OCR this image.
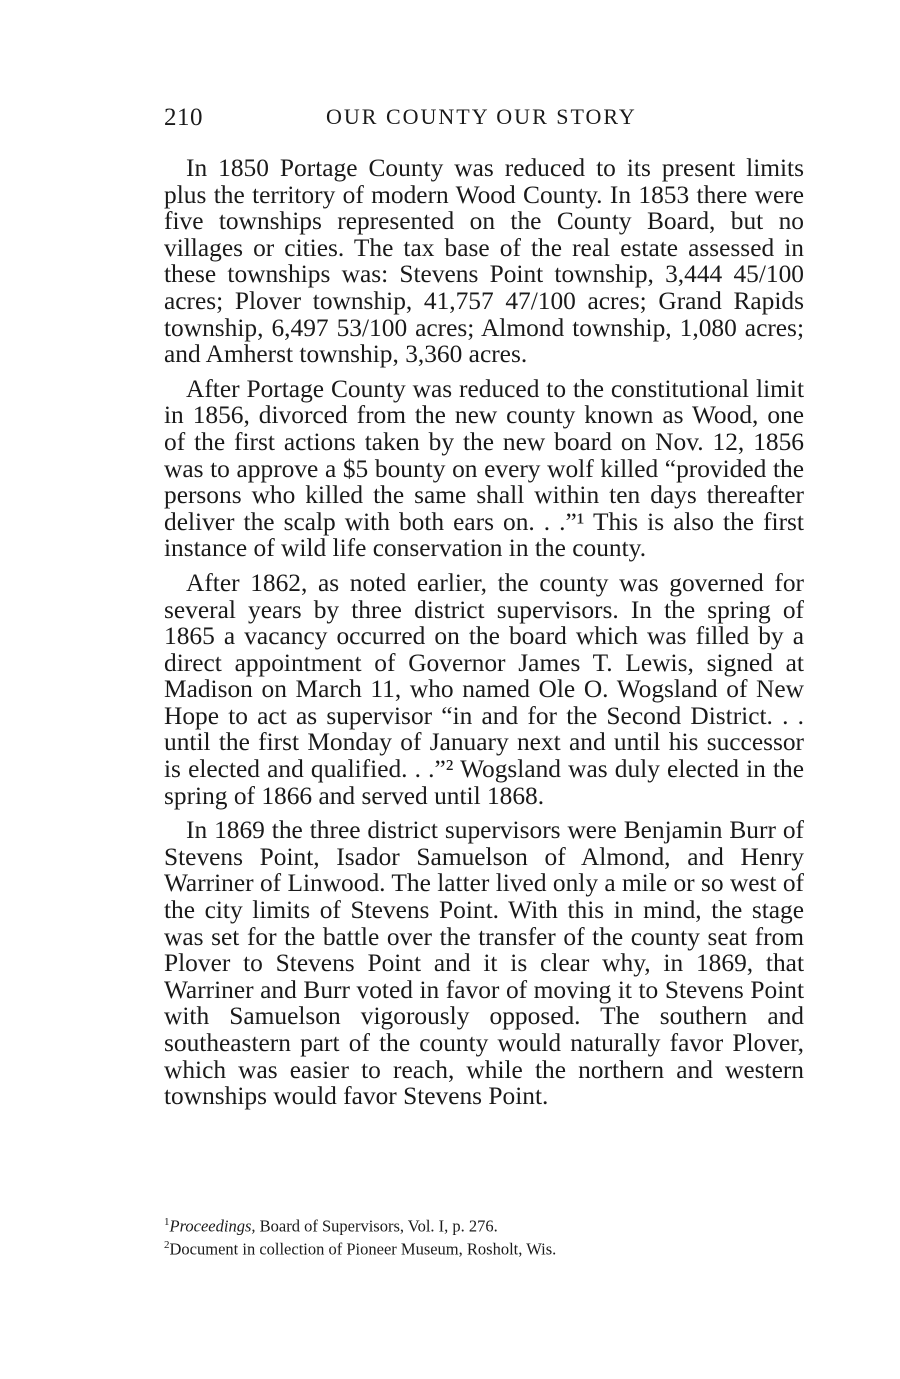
210	OUR COUNTY OUR STORY

In 1850 Portage County was reduced to its present limits plus the territory of modern Wood County. In 1853 there were five townships represented on the County Board, but no villages or cities. The tax base of the real estate assessed in these townships was: Stevens Point township, 3,444 45/100 acres; Plover township, 41,757 47/100 acres; Grand Rapids township, 6,497 53/100 acres; Almond township, 1,080 acres; and Amherst township, 3,360 acres.

After Portage County was reduced to the constitutional limit in 1856, divorced from the new county known as Wood, one of the first actions taken by the new board on Nov. 12, 1856 was to approve a $5 bounty on every wolf killed “provided the persons who killed the same shall within ten days thereafter deliver the scalp with both ears on. . .”¹ This is also the first instance of wild life conservation in the county.

After 1862, as noted earlier, the county was governed for several years by three district supervisors. In the spring of 1865 a vacancy occurred on the board which was filled by a direct appointment of Governor James T. Lewis, signed at Madison on March 11, who named Ole O. Wogsland of New Hope to act as supervisor “in and for the Second District. . . until the first Monday of January next and until his successor is elected and qualified. . .”² Wogsland was duly elected in the spring of 1866 and served until 1868.

In 1869 the three district supervisors were Benjamin Burr of Stevens Point, Isador Samuelson of Almond, and Henry Warriner of Linwood. The latter lived only a mile or so west of the city limits of Stevens Point. With this in mind, the stage was set for the battle over the transfer of the county seat from Plover to Stevens Point and it is clear why, in 1869, that Warriner and Burr voted in favor of moving it to Stevens Point with Samuelson vigorously opposed. The southern and southeastern part of the county would naturally favor Plover, which was easier to reach, while the northern and western townships would favor Stevens Point.

$^1$Proceedings, Board of Supervisors, Vol. I, p. 276.

$^2$Document in collection of Pioneer Museum, Rosholt, Wis.
